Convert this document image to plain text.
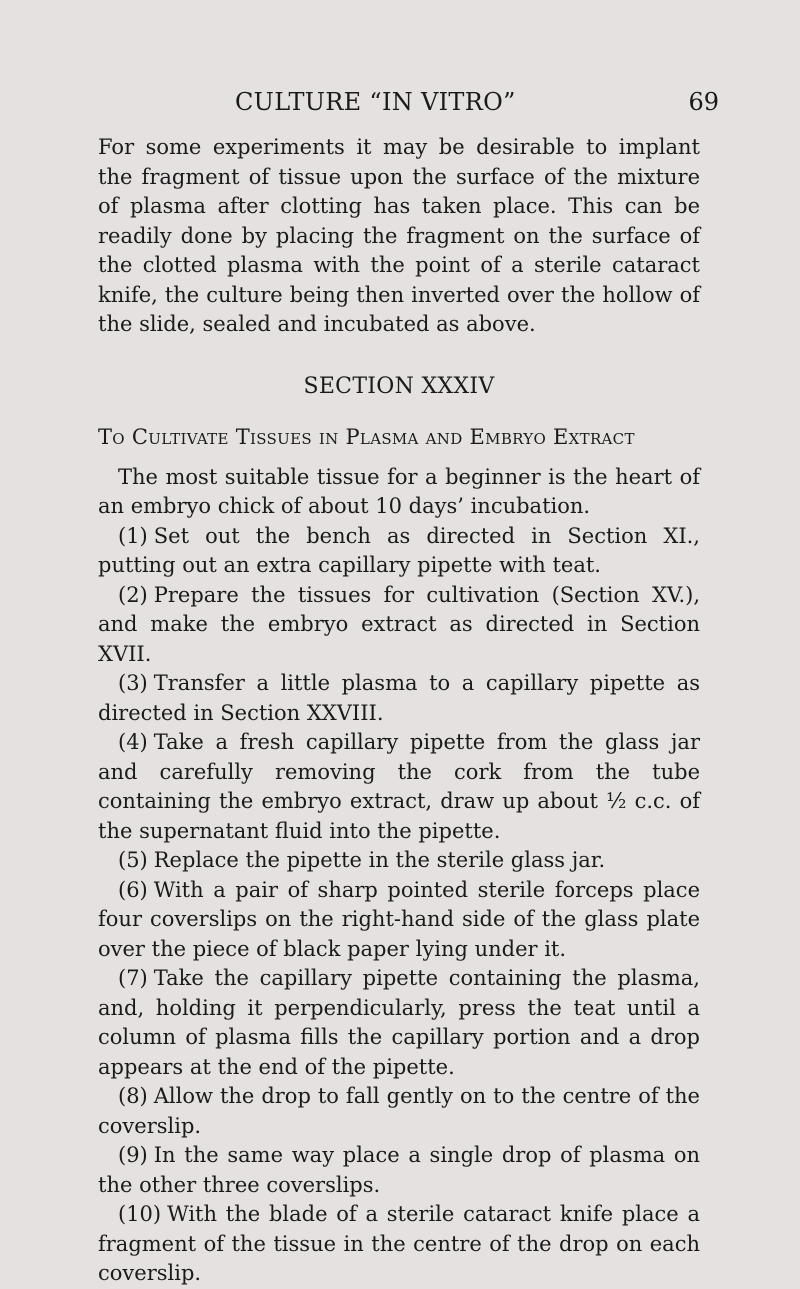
CULTURE “IN VITRO”	69

For some experiments it may be desirable to implant the fragment of tissue upon the surface of the mixture of plasma after clotting has taken place. This can be readily done by placing the fragment on the surface of the clotted plasma with the point of a sterile cataract knife, the culture being then inverted over the hollow of the slide, sealed and incubated as above.

SECTION XXXIV
To Cultivate Tissues in Plasma and Embryo Extract

The most suitable tissue for a beginner is the heart of an embryo chick of about 10 days’ incubation.

(1) Set out the bench as directed in Section XI., putting out an extra capillary pipette with teat.
(2) Prepare the tissues for cultivation (Section XV.), and make the embryo extract as directed in Section XVII.
(3) Transfer a little plasma to a capillary pipette as directed in Section XXVIII.
(4) Take a fresh capillary pipette from the glass jar and carefully removing the cork from the tube containing the embryo extract, draw up about ½ c.c. of the supernatant fluid into the pipette.
(5) Replace the pipette in the sterile glass jar.
(6) With a pair of sharp pointed sterile forceps place four coverslips on the right-hand side of the glass plate over the piece of black paper lying under it.
(7) Take the capillary pipette containing the plasma, and, holding it perpendicularly, press the teat until a column of plasma fills the capillary portion and a drop appears at the end of the pipette.
(8) Allow the drop to fall gently on to the centre of the coverslip.
(9) In the same way place a single drop of plasma on the other three coverslips.
(10) With the blade of a sterile cataract knife place a fragment of the tissue in the centre of the drop on each coverslip.
